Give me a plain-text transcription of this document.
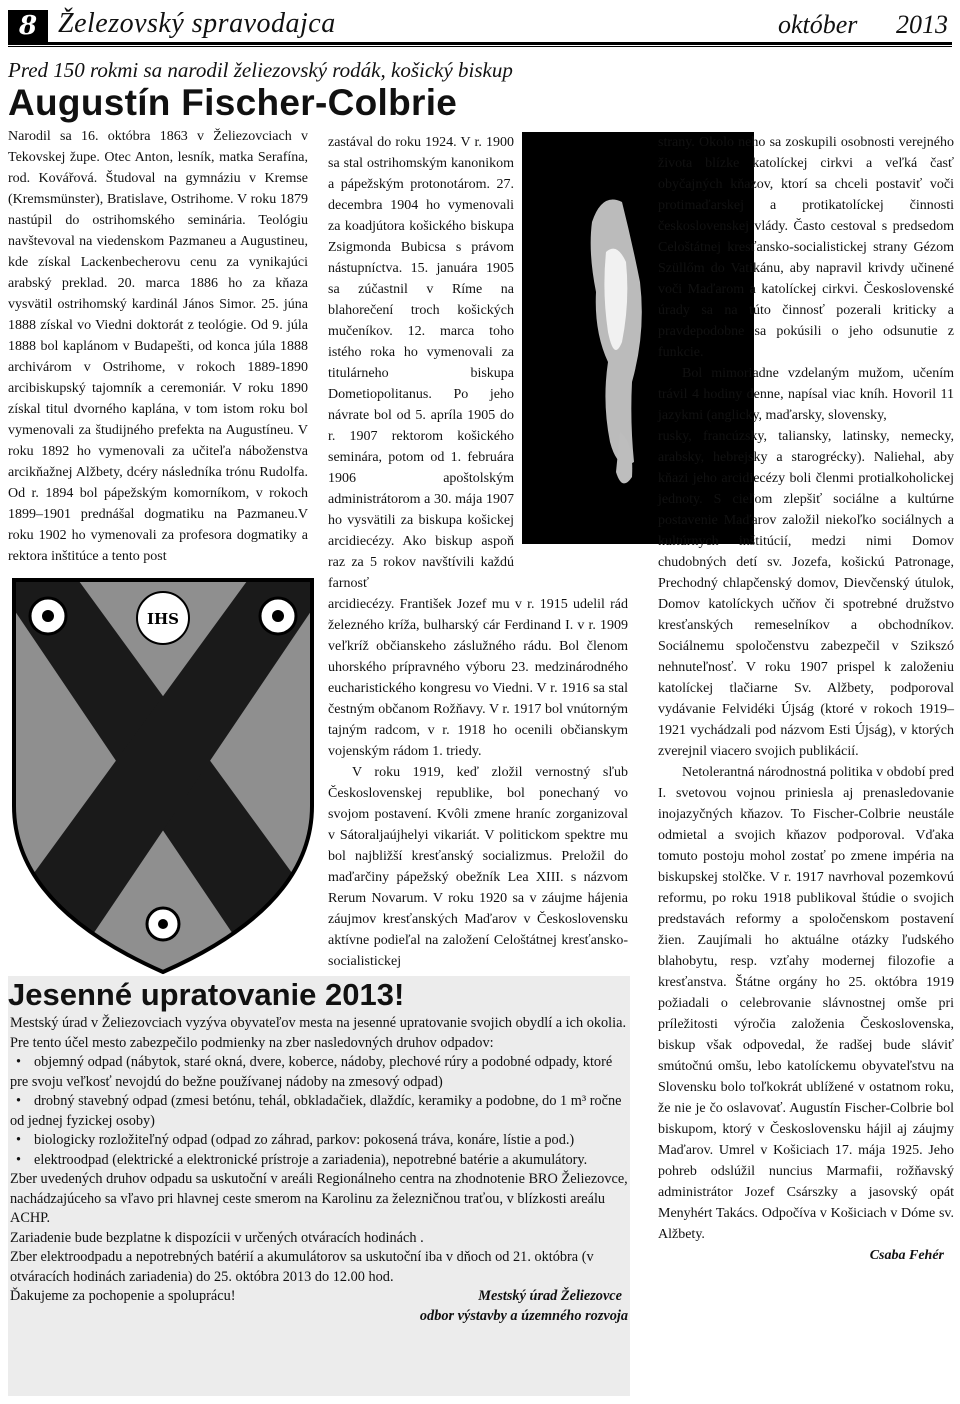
8 Železovský spravodajca	október 2013
Pred 150 rokmi sa narodil želiezovský rodák, košický biskup
Augustín Fischer-Colbrie

Narodil sa 16. októbra 1863 v Želiezovciach v Tekovskej župe. Otec Anton, lesník, matka Serafína, rod. Kovářová. Študoval na gymnáziu v Kremse (Kremsmünster), Bratislave, Ostrihome. V roku 1879 nastúpil do ostrihomského seminária. Teológiu navštevoval na viedenskom Pazmaneu a Augustineu, kde získal Lackenbecherovu cenu za vynikajúci arabský preklad. 20. marca 1886 ho za kňaza vysvätil ostrihomský kardinál János Simor. 25. júna 1888 získal vo Viedni doktorát z teológie. Od 9. júla 1888 bol kaplánom v Budapešti, od konca júla 1888 archivárom v Ostrihome, v rokoch 1889-1890 arcibiskupský tajomník a ceremoniár. V roku 1890 získal titul dvorného kaplána, v tom istom roku bol vymenovali za študijného prefekta na Augustíneu. V roku 1892 ho vymenovali za učiteľa náboženstva arcikňažnej Alžbety, dcéry následníka trónu Rudolfa. Od r. 1894 bol pápežským komorníkom, v rokoch 1899–1901 prednášal dogmatiku na Pazmaneu.V roku 1902 ho vymenovali za profesora dogmatiky a rektora inštitúce a tento post

IHS

zastával do roku 1924. V r. 1900 sa stal ostrihomským kanonikom a pápežským protonotárom. 27. decembra 1904 ho vymenovali za koadjútora košického biskupa Zsigmonda Bubicsa s právom nástupníctva. 15. januára 1905 sa zúčastnil v Ríme na blahorečení troch košických mučeníkov. 12. marca toho istého roka ho vymenovali za titulárneho biskupa Dometiopolitanus. Po jeho návrate bol od 5. apríla 1905 do r. 1907 rektorom košického seminára, potom od 1. februára 1906 apoštolským administrátorom a 30. mája 1907 ho vysvätili za biskupa košickej arcidiecézy. Ako biskup aspoň raz za 5 rokov navštívili každú farnosť

arcidiecézy. František Jozef mu v r. 1915 udelil rád železného kríža, bulharský cár Ferdinand I. v r. 1909 veľkríž občianskeho záslužného rádu. Bol členom uhorského prípravného výboru 23. medzinárodného eucharistického kongresu vo Viedni. V r. 1916 sa stal čestným občanom Rožňavy. V r. 1917 bol vnútorným tajným radcom, v r. 1918 ho ocenili občianskym vojenským rádom 1. triedy.

V roku 1919, keď zložil vernostný sľub Československej republike, bol ponechaný vo svojom postavení. Kvôli zmene hraníc zorganizoval v Sátoraljaújhelyi vikariát. V politickom spektre mu bol najbližší kresťanský socializmus. Preložil do maďarčiny pápežský obežník Lea XIII. s názvom Rerum Novarum. V roku 1920 sa v záujme hájenia záujmov kresťanských Maďarov v Československu aktívne podieľal na založení Celoštátnej kresťansko-socialistickej

strany. Okolo neho sa zoskupili osobnosti verejného života blízke katolíckej cirkvi a veľká časť obyčajných kňazov, ktorí sa chceli postaviť voči protimaďarskej a protikatolíckej činnosti československej vlády. Často cestoval s predsedom Celoštátnej kresťansko-socialistickej strany Gézom Szüllőm do Vatikánu, aby napravil krivdy učinené voči Maďarom a katolíckej cirkvi. Československé úrady sa na túto činnosť pozerali kriticky a pravdepodobne sa pokúsili o jeho odsunutie z funkcie.

Bol mimoriadne vzdelaným mužom, učením trávil 4 hodiny denne, napísal viac kníh. Hovoril 11 jazykmi (anglicky, maďarsky, slovensky,

rusky, francúzsky, taliansky, latinsky, nemecky, arabsky, hebrejsky a starogrécky). Naliehal, aby kňazi jeho arcidiecézy boli členmi protialkoholickej jednoty. S cieľom zlepšiť sociálne a kultúrne postavenie Maďarov založil niekoľko sociálnych a kultúrnych inštitúcií, medzi nimi Domov chudobných detí sv. Jozefa, košickú Patronage, Prechodný chlapčenský domov, Dievčenský útulok, Domov katolíckych učňov či spotrebné družstvo kresťanských remeselníkov a obchodníkov. Sociálnemu spoločenstvu zabezpečil v Szikszó nehnuteľnosť. V roku 1907 prispel k založeniu katolíckej tlačiarne Sv. Alžbety, podporoval vydávanie Felvidéki Újság (ktoré v rokoch 1919–1921 vychádzali pod názvom Esti Újság), v ktorých zverejnil viacero svojich publikácií.

Netolerantná národnostná politika v období pred I. svetovou vojnou priniesla aj prenasledovanie inojazyčných kňazov. To Fischer-Colbrie neustále odmietal a svojich kňazov podporoval. Vďaka tomuto postoju mohol zostať po zmene impéria na biskupskej stolčke. V r. 1917 navrhoval pozemkovú reformu, po roku 1918 publikoval štúdie o svojich predstavách reformy a spoločenskom postavení žien. Zaujímali ho aktuálne otázky ľudského blahobytu, resp. vzťahy modernej filozofie a kresťanstva. Štátne orgány ho 25. októbra 1919 požiadali o celebrovanie slávnostnej omše pri príležitosti výročia založenia Československa, biskup však odpovedal, že radšej bude sláviť smútočnú omšu, lebo katolíckemu obyvateľstvu na Slovensku bolo toľkokrát ublížené v ostatnom roku, že nie je čo oslavovať. Augustín Fischer-Colbrie bol biskupom, ktorý v Československu hájil aj záujmy Maďarov. Umrel v Košiciach 17. mája 1925. Jeho pohreb odslúžil nuncius Marmafii, rožňavský administrátor Jozef Csárszky a jasovský opát Menyhért Takács. Odpočíva v Košiciach v Dóme sv. Alžbety.

Csaba Fehér

Jesenné upratovanie 2013!

Mestský úrad v Želiezovciach vyzýva obyvateľov mesta na jesenné upratovanie svojich obydlí a ich okolia. Pre tento účel mesto zabezpečilo podmienky na zber nasledovných druhov odpadov:

• objemný odpad (nábytok, staré okná, dvere, koberce, nádoby, plechové rúry a podobné odpady, ktoré pre svoju veľkosť nevojdú do bežne používanej nádoby na zmesový odpad)
• drobný stavebný odpad (zmesi betónu, tehál, obkladačiek, dlaždíc, keramiky a podobne, do 1 m³ ročne od jednej fyzickej osoby)
• biologicky rozložiteľný odpad (odpad zo záhrad, parkov: pokosená tráva, konáre, lístie a pod.)
• elektroodpad (elektrické a elektronické prístroje a zariadenia), nepotrebné batérie a akumulátory.

Zber uvedených druhov odpadu sa uskutoční v areáli Regionálneho centra na zhodnotenie BRO Želiezovce, nachádzajúceho sa vľavo pri hlavnej ceste smerom na Karolinu za železničnou traťou, v blízkosti areálu ACHP.

Zariadenie bude bezplatne k dispozícii v určených otváracích hodinách .

Zber elektroodpadu a nepotrebných batérií a akumulátorov sa uskutoční iba v dňoch od 21. októbra (v otváracích hodinách zariadenia) do 25. októbra 2013 do 12.00 hod.

Ďakujeme za pochopenie a spoluprácu!	Mestský úrad Želiezovce

odbor výstavby a územného rozvoja
